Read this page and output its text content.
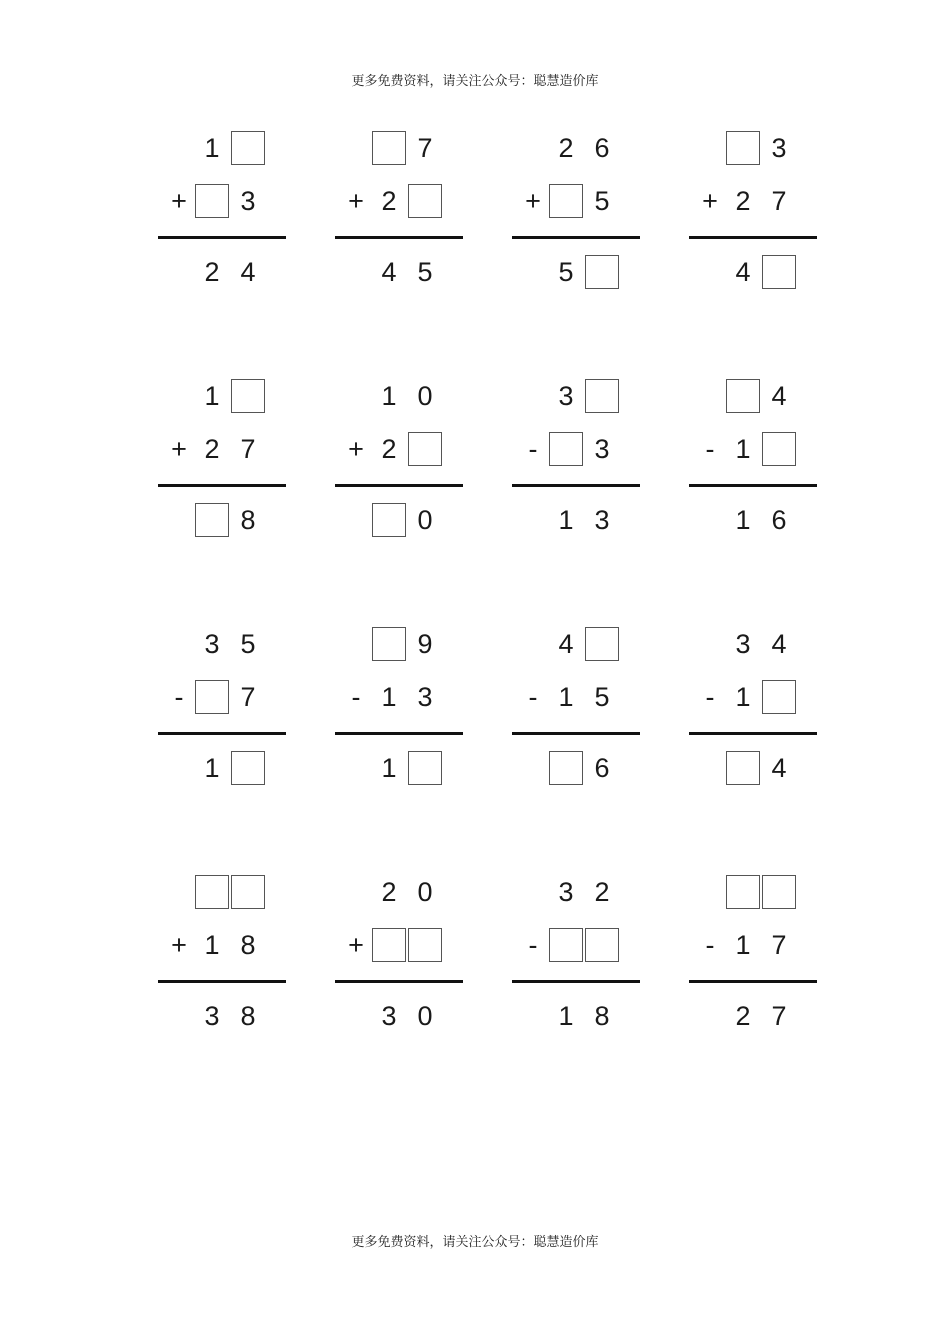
更多免费资料，请关注公众号：聪慧造价库
1
+	3
2 4
7
+ 2
4 5
2 6
+	5
5
3
+ 2 7
4
1
+ 2 7
8
1 0
+ 2
0
3
-	3
1 3
4
- 1
1 6
3 5
-	7
1
9
- 1 3
1
4
- 1 5
6
3 4
- 1
4
+ 1 8
3 8
2 0
+
3 0
3 2
-
1 8
- 1 7
2 7
更多免费资料，请关注公众号：聪慧造价库
